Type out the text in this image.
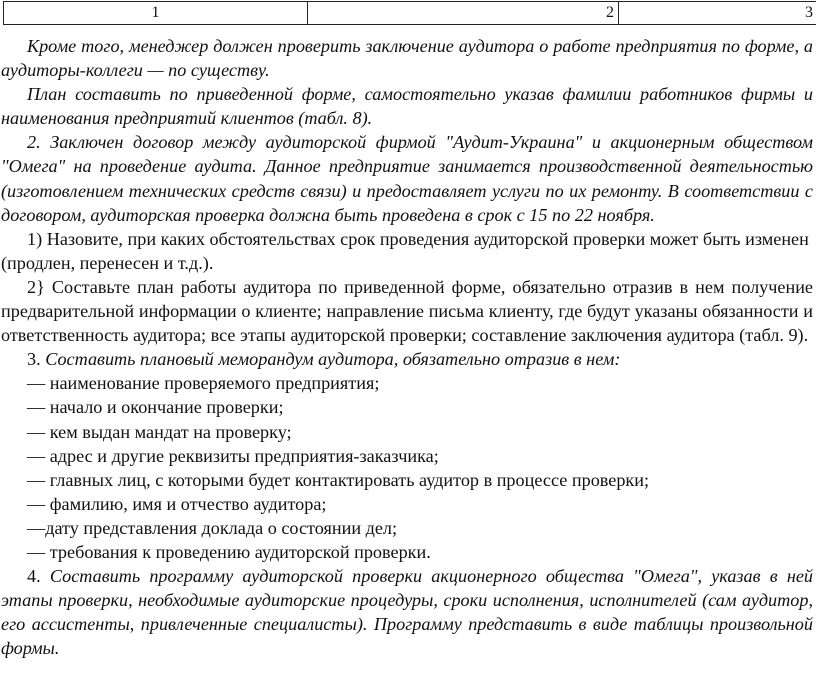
1	2	3

Кроме того, менеджер должен проверить заключение аудитора о работе предприятия по форме, а аудиторы-коллеги — по существу.

План составить по приведенной форме, самостоятельно указав фамилии работников фирмы и наименования предприятий клиентов (табл. 8).

2. Заключен договор между аудиторской фирмой "Аудит-Украина" и акционерным обществом "Омега" на проведение аудита. Данное предприятие занимается производственной деятельностью (изготовлением технических средств связи) и предоставляет услуги по их ремонту. В соответствии с договором, аудиторская проверка должна быть проведена в срок с 15 по 22 ноября.

1) Назовите, при каких обстоятельствах срок проведения аудиторской проверки может быть изменен (продлен, перенесен и т.д.).

2} Составьте план работы аудитора по приведенной форме, обязательно отразив в нем получение предварительной информации о клиенте; направление письма клиенту, где будут указаны обязанности и ответственность аудитора; все этапы аудиторской проверки; составление заключения аудитора (табл. 9).

3. Составить плановый меморандум аудитора, обязательно отразив в нем:

— наименование проверяемого предприятия;

— начало и окончание проверки;

— кем выдан мандат на проверку;

— адрес и другие реквизиты предприятия-заказчика;

— главных лиц, с которыми будет контактировать аудитор в процессе проверки;

— фамилию, имя и отчество аудитора;

—дату представления доклада о состоянии дел;

— требования к проведению аудиторской проверки.

4. Составить программу аудиторской проверки акционерного общества "Омега", указав в ней этапы проверки, необходимые аудиторские процедуры, сроки исполнения, исполнителей (сам аудитор, его ассистенты, привлеченные специалисты). Программу представить в виде таблицы произвольной формы.
